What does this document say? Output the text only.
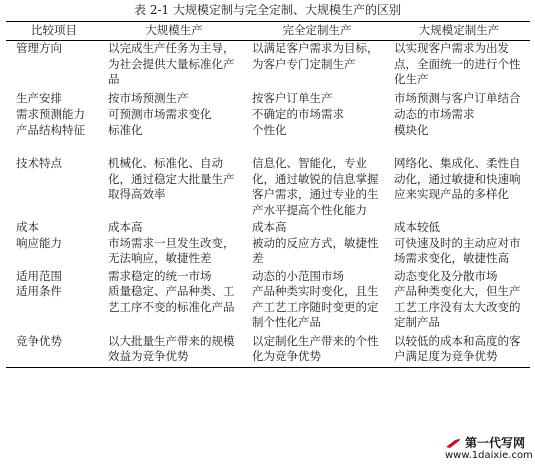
表 2-1 大规模定制与完全定制、大规模生产的区别
比较项目	大规模生产	完全定制生产	大规模定制生产
管理方向	以完成生产任务为主导，为社会提供大量标准化产品	以满足客户需求为目标，为客户专门定制生产	以实现客户需求为出发点，全面统一的进行个性化生产
生产安排	按市场预测生产	按客户订单生产	市场预测与客户订单结合
需求预测能力	可预测市场需求变化	不确定的市场需求	动态的市场需求
产品结构特征	标准化	个性化	模块化
技术特点	机械化、标准化、自动化，通过稳定大批量生产取得高效率	信息化、智能化，专业化，通过敏锐的信息掌握客户需求，通过专业的生产水平提高个性化能力	网络化、集成化、柔性自动化，通过敏捷和快速响应来实现产品的多样化
成本	成本高	成本高	成本较低
响应能力	市场需求一旦发生改变，无法响应，敏捷性差	被动的反应方式，敏捷性差	可快速及时的主动应对市场需求变化，敏捷性高
适用范围	需求稳定的统一市场	动态的小范围市场	动态变化及分散市场
适用条件	质量稳定、产品种类、工艺工序不变的标准化产品	产品种类实时变化，且生产工艺工序随时变更的定制个性化产品	产品种类变化大，但生产工艺工序没有太大改变的定制产品
竞争优势	以大批量生产带来的规模效益为竞争优势	以定制化生产带来的个性化为竞争优势	以较低的成本和高度的客户满足度为竞争优势
第一代写网
www.1daixie.com
